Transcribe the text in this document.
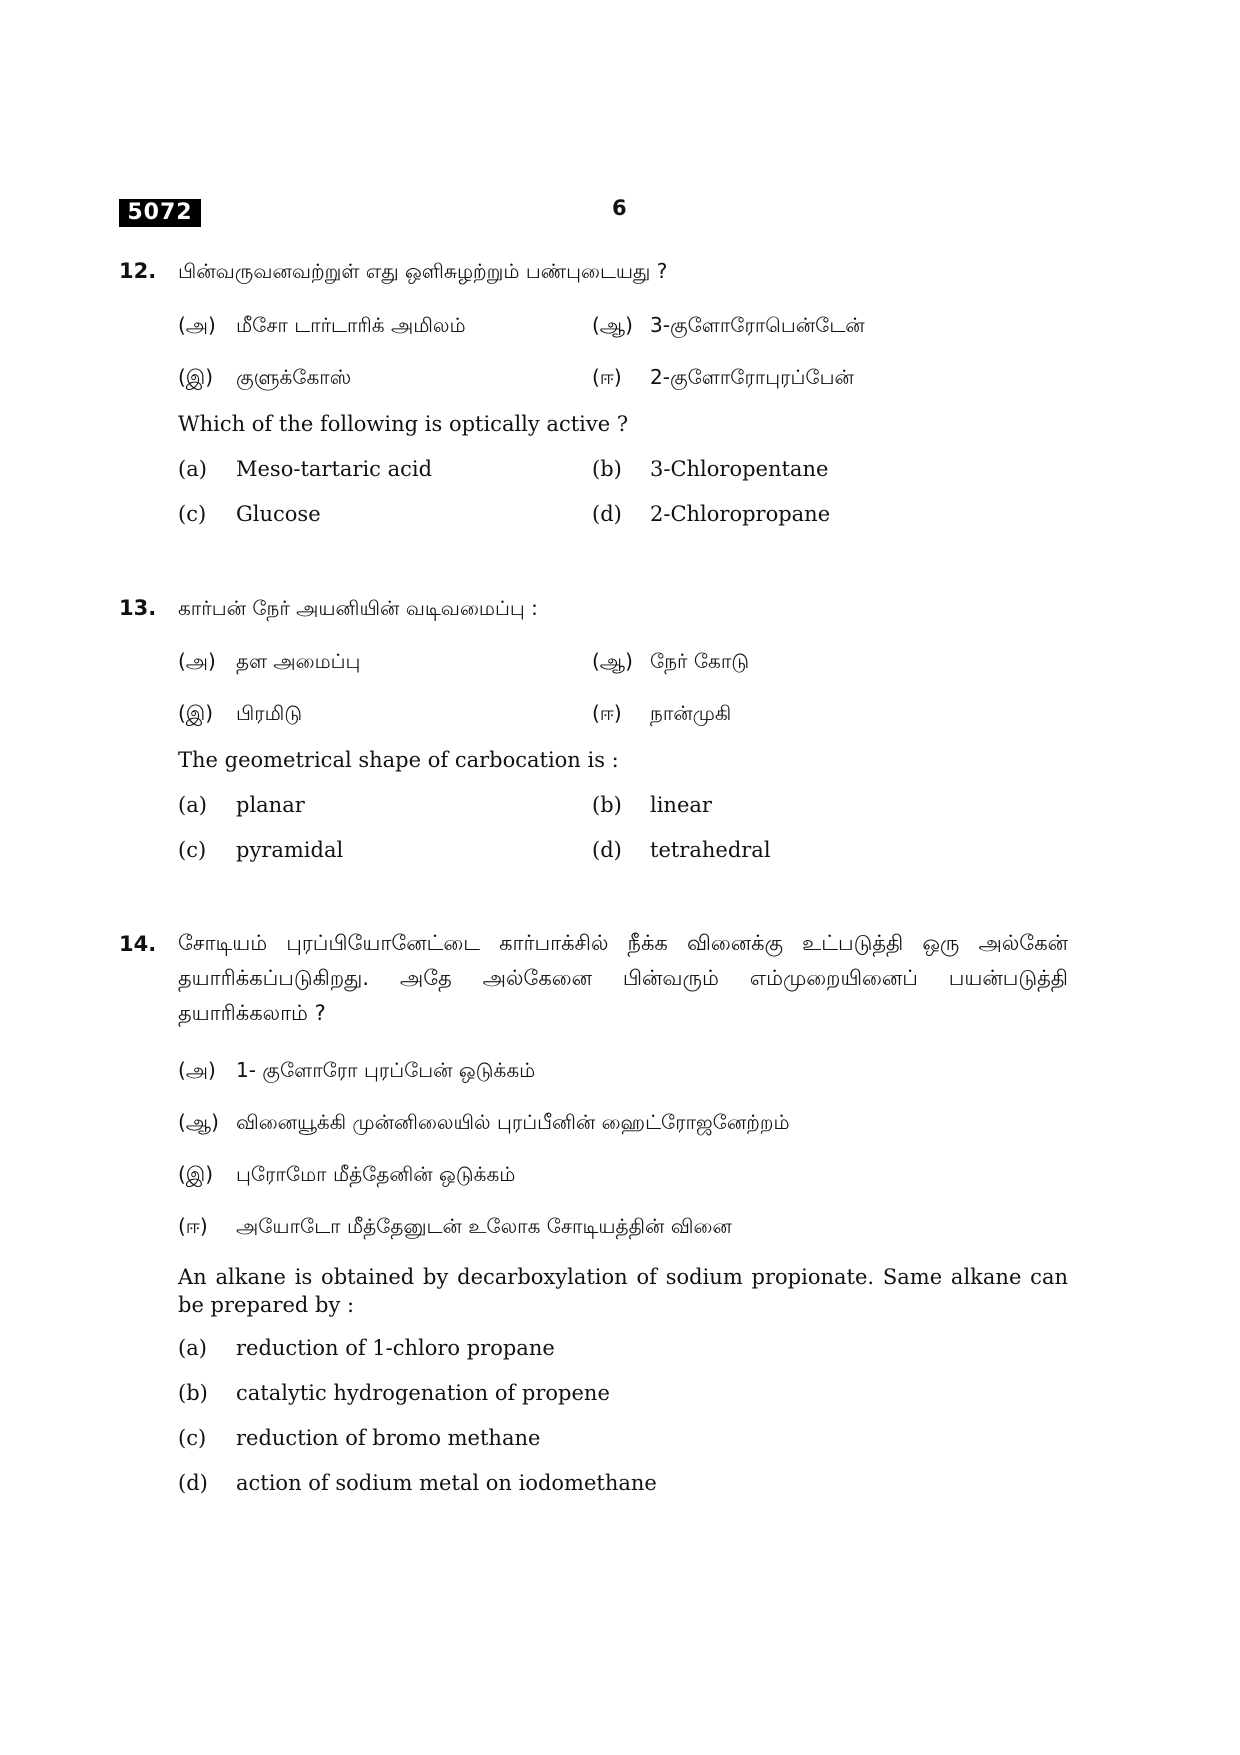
5072	6
12. பின்வருவனவற்றுள் எது ஒளிசுழற்றும் பண்புடையது ?
(அ) மீசோ டார்டாரிக் அமிலம்	(ஆ) 3-குளோரோபென்டேன்
(இ) குளுக்கோஸ்	(ஈ) 2-குளோரோபுரப்பேன்
Which of the following is optically active ?
(a) Meso-tartaric acid	(b) 3-Chloropentane
(c) Glucose	(d) 2-Chloropropane
13. கார்பன் நேர் அயனியின் வடிவமைப்பு :
(அ) தள அமைப்பு	(ஆ) நேர் கோடு
(இ) பிரமிடு	(ஈ) நான்முகி
The geometrical shape of carbocation is :
(a) planar	(b) linear
(c) pyramidal	(d) tetrahedral
14. சோடியம் புரப்பியோனேட்டை கார்பாக்சில் நீக்க வினைக்கு உட்படுத்தி ஒரு அல்கேன் தயாரிக்கப்படுகிறது. அதே அல்கேனை பின்வரும் எம்முறையினைப் பயன்படுத்தி தயாரிக்கலாம் ?
(அ) 1- குளோரோ புரப்பேன் ஒடுக்கம்
(ஆ) வினையூக்கி முன்னிலையில் புரப்பீனின் ஹைட்ரோஜனேற்றம்
(இ) புரோமோ மீத்தேனின் ஒடுக்கம்
(ஈ) அயோடோ மீத்தேனுடன் உலோக சோடியத்தின் வினை
An alkane is obtained by decarboxylation of sodium propionate. Same alkane can be prepared by :
(a) reduction of 1-chloro propane
(b) catalytic hydrogenation of propene
(c) reduction of bromo methane
(d) action of sodium metal on iodomethane
